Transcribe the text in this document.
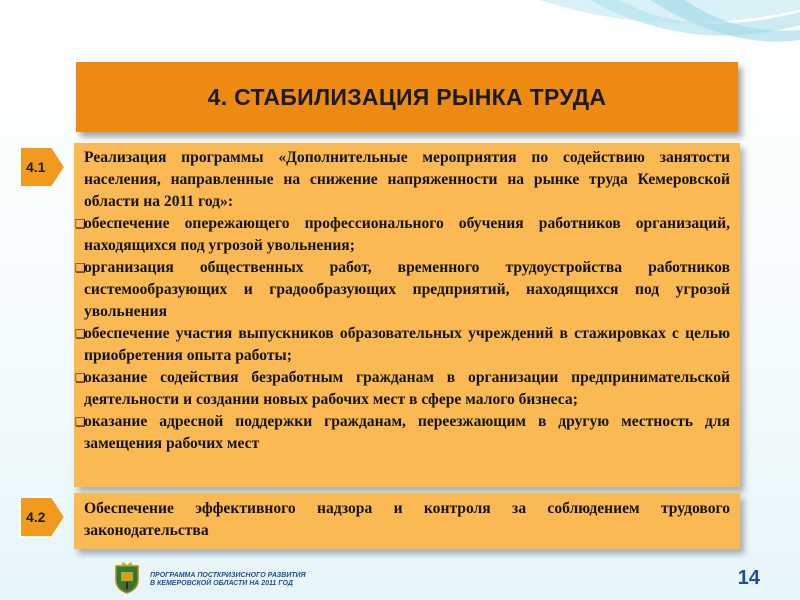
4. СТАБИЛИЗАЦИЯ РЫНКА ТРУДА
4.1

Реализация программы «Дополнительные мероприятия по содействию занятости населения, направленные на снижение напряженности на рынке труда Кемеровской области на 2011 год»:

❑
обеспечение опережающего профессионального обучения работников организаций, находящихся под угрозой увольнения;

❑
организация общественных работ, временного трудоустройства работников системообразующих и градообразующих предприятий, находящихся под угрозой увольнения

❑
обеспечение участия выпускников образовательных учреждений в стажировках с целью приобретения опыта работы;

❑
оказание содействия безработным гражданам в организации предпринимательской деятельности и создании новых рабочих мест в сфере малого бизнеса;

❑
оказание адресной поддержки гражданам, переезжающим в другую местность для замещения рабочих мест

4.2 Обеспечение эффективного надзора и контроля за соблюдением трудового законодательства

ПРОГРАММА ПОСТКРИЗИСНОГО РАЗВИТИЯ
В КЕМЕРОВСКОЙ ОБЛАСТИ НА 2011 ГОД	14
